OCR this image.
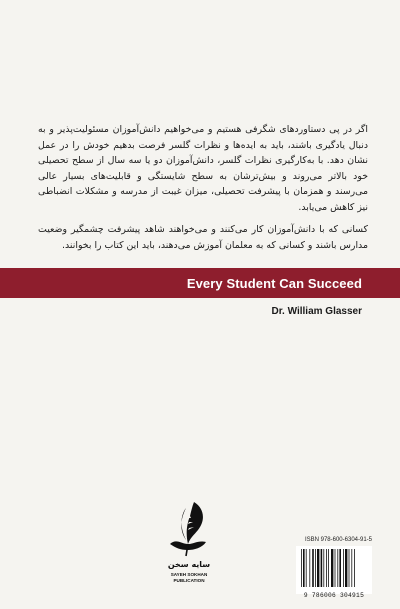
اگر در پی دستاوردهای شگرفی هستیم و می‌خواهیم دانش‌آموزان مسئولیت‌پذیر و به دنبال یادگیری باشند، باید به ایده‌ها و نظرات گلسر فرصت بدهیم خودش را در عمل نشان دهد. با به‌کارگیری نظرات گلسر، دانش‌آموزان دو یا سه سال از سطح تحصیلی خود بالاتر می‌روند و بیش‌ترشان به سطح شایستگی و قابلیت‌های بسیار عالی می‌رسند و همزمان با پیشرفت تحصیلی، میزان غیبت از مدرسه و مشکلات انضباطی نیز کاهش می‌یابد.

کسانی که با دانش‌آموزان کار می‌کنند و می‌خواهند شاهد پیشرفت چشمگیر وضعیت مدارس باشند و کسانی که به معلمان آموزش می‌دهند، باید این کتاب را بخوانند.

Every Student Can Succeed
Dr. William Glasser
سایه سخن
SAYEH SOKHAN
PUBLICATION
ISBN 978-600-6304-91-5
9 786006 304915
